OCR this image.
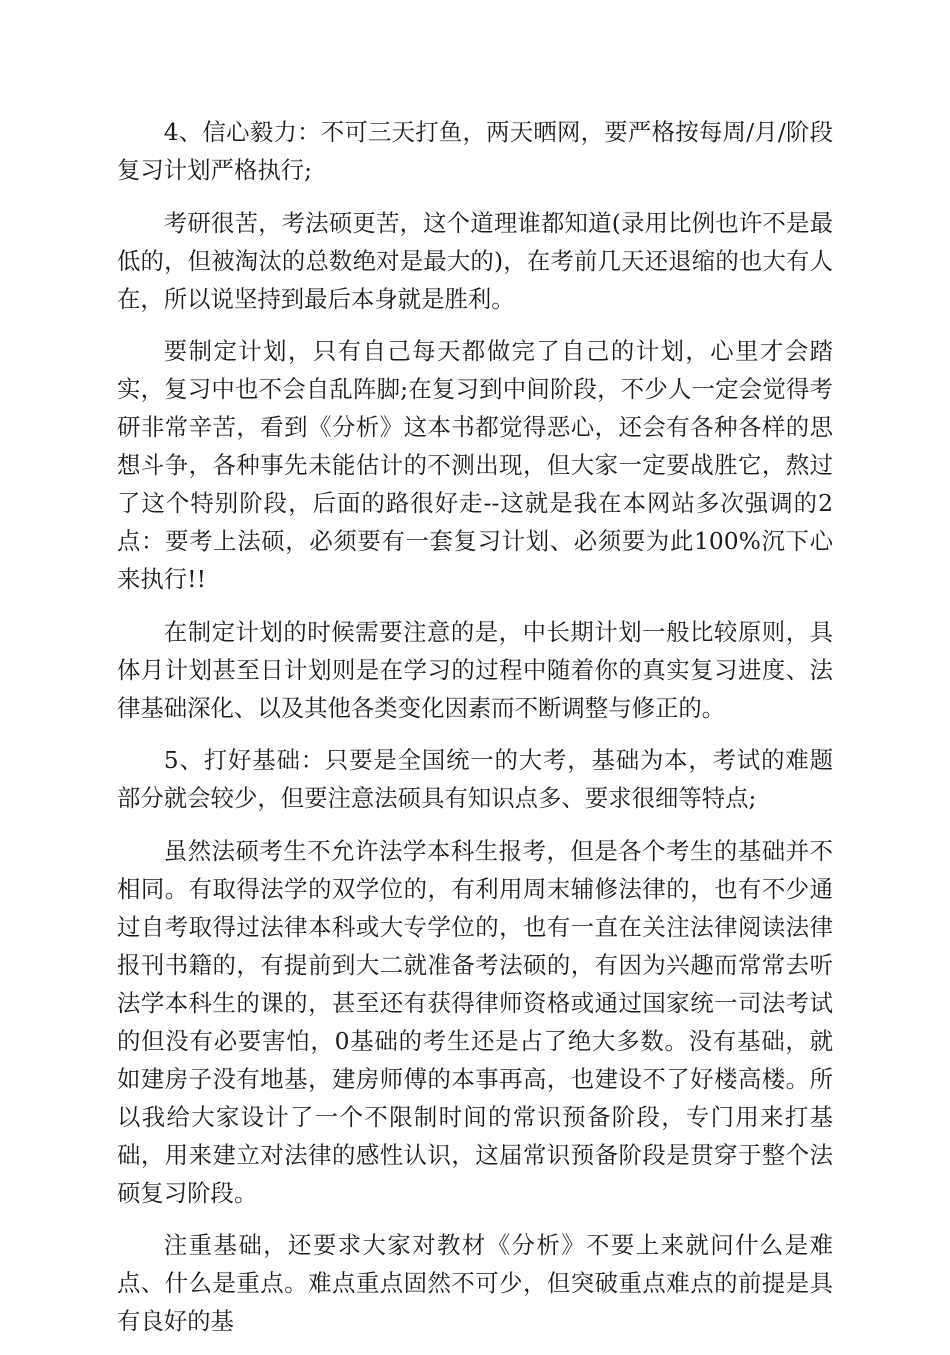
4、信心毅力：不可三天打鱼，两天晒网，要严格按每周/月/阶段复习计划严格执行;

考研很苦，考法硕更苦，这个道理谁都知道(录用比例也许不是最低的，但被淘汰的总数绝对是最大的)，在考前几天还退缩的也大有人在，所以说坚持到最后本身就是胜利。

要制定计划，只有自己每天都做完了自己的计划，心里才会踏实，复习中也不会自乱阵脚;在复习到中间阶段，不少人一定会觉得考研非常辛苦，看到《分析》这本书都觉得恶心，还会有各种各样的思想斗争，各种事先未能估计的不测出现，但大家一定要战胜它，熬过了这个特别阶段，后面的路很好走--这就是我在本网站多次强调的2点：要考上法硕，必须要有一套复习计划、必须要为此100%沉下心来执行!!

在制定计划的时候需要注意的是，中长期计划一般比较原则，具体月计划甚至日计划则是在学习的过程中随着你的真实复习进度、法律基础深化、以及其他各类变化因素而不断调整与修正的。

5、打好基础：只要是全国统一的大考，基础为本，考试的难题部分就会较少，但要注意法硕具有知识点多、要求很细等特点;

虽然法硕考生不允许法学本科生报考，但是各个考生的基础并不相同。有取得法学的双学位的，有利用周末辅修法律的，也有不少通过自考取得过法律本科或大专学位的，也有一直在关注法律阅读法律报刊书籍的，有提前到大二就准备考法硕的，有因为兴趣而常常去听法学本科生的课的，甚至还有获得律师资格或通过国家统一司法考试的但没有必要害怕，0基础的考生还是占了绝大多数。没有基础，就如建房子没有地基，建房师傅的本事再高，也建设不了好楼高楼。所以我给大家设计了一个不限制时间的常识预备阶段，专门用来打基础，用来建立对法律的感性认识，这届常识预备阶段是贯穿于整个法硕复习阶段。

注重基础，还要求大家对教材《分析》不要上来就问什么是难点、什么是重点。难点重点固然不可少，但突破重点难点的前提是具有良好的基
